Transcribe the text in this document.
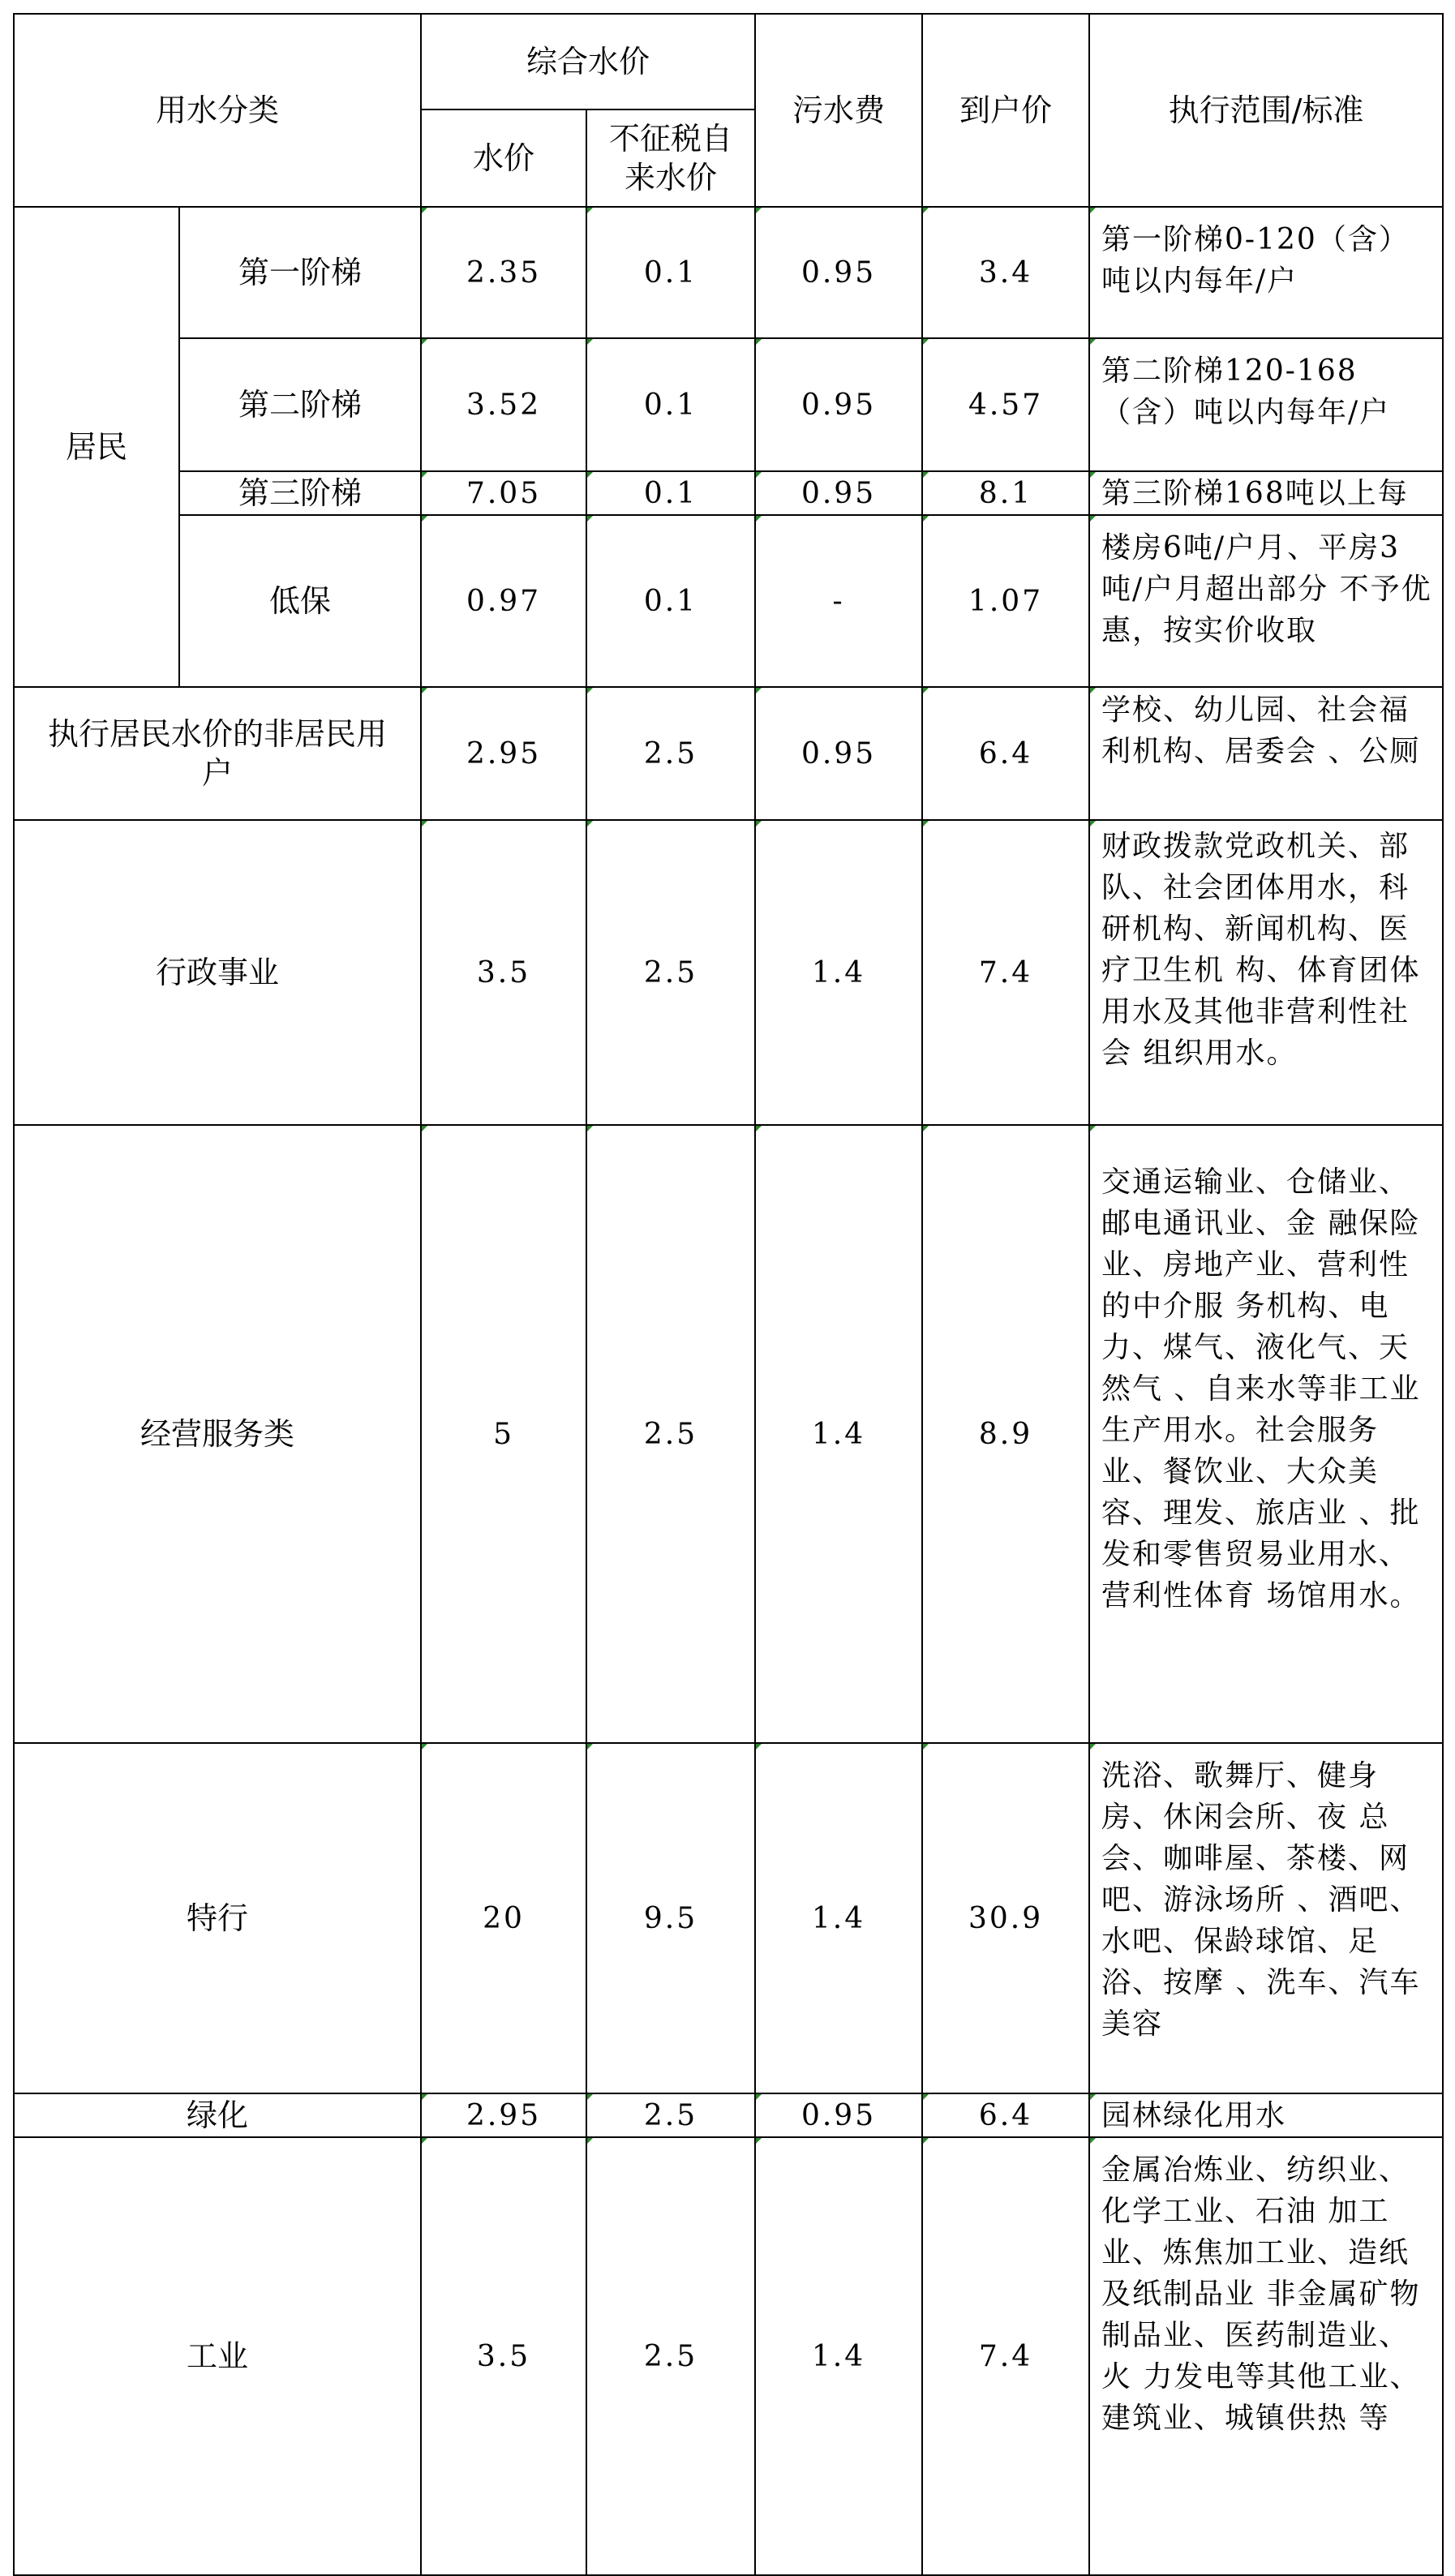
用水分类		综合水价		污水费	到户价	执行范围/标准
		水价	不征税自来水价			
居民	第一阶梯	2.35	0.1	0.95	3.4	第一阶梯0-120（含）吨以内每年/户
	第二阶梯	3.52	0.1	0.95	4.57	第二阶梯120-168（含）吨以内每年/户
	第三阶梯	7.05	0.1	0.95	8.1	第三阶梯168吨以上每
	低保	0.97	0.1	-	1.07	楼房6吨/户月、平房3吨/户月超出部分 不予优惠，按实价收取
执行居民水价的非居民用户		2.95	2.5	0.95	6.4	学校、幼儿园、社会福利机构、居委会 、公厕
行政事业		3.5	2.5	1.4	7.4	财政拨款党政机关、部队、社会团体用水，科研机构、新闻机构、医疗卫生机 构、体育团体用水及其他非营利性社会 组织用水。
经营服务类		5	2.5	1.4	8.9	交通运输业、仓储业、邮电通讯业、金 融保险业、房地产业、营利性的中介服 务机构、电力、煤气、液化气、天然气 、自来水等非工业生产用水。社会服务 业、餐饮业、大众美容、理发、旅店业 、批发和零售贸易业用水、营利性体育 场馆用水。
特行		20	9.5	1.4	30.9	洗浴、歌舞厅、健身房、休闲会所、夜 总会、咖啡屋、茶楼、网吧、游泳场所 、酒吧、水吧、保龄球馆、足浴、按摩 、洗车、汽车美容
绿化		2.95	2.5	0.95	6.4	园林绿化用水
工业		3.5	2.5	1.4	7.4	金属冶炼业、纺织业、化学工业、石油 加工业、炼焦加工业、造纸及纸制品业 非金属矿物制品业、医药制造业、火 力发电等其他工业、建筑业、城镇供热 等
